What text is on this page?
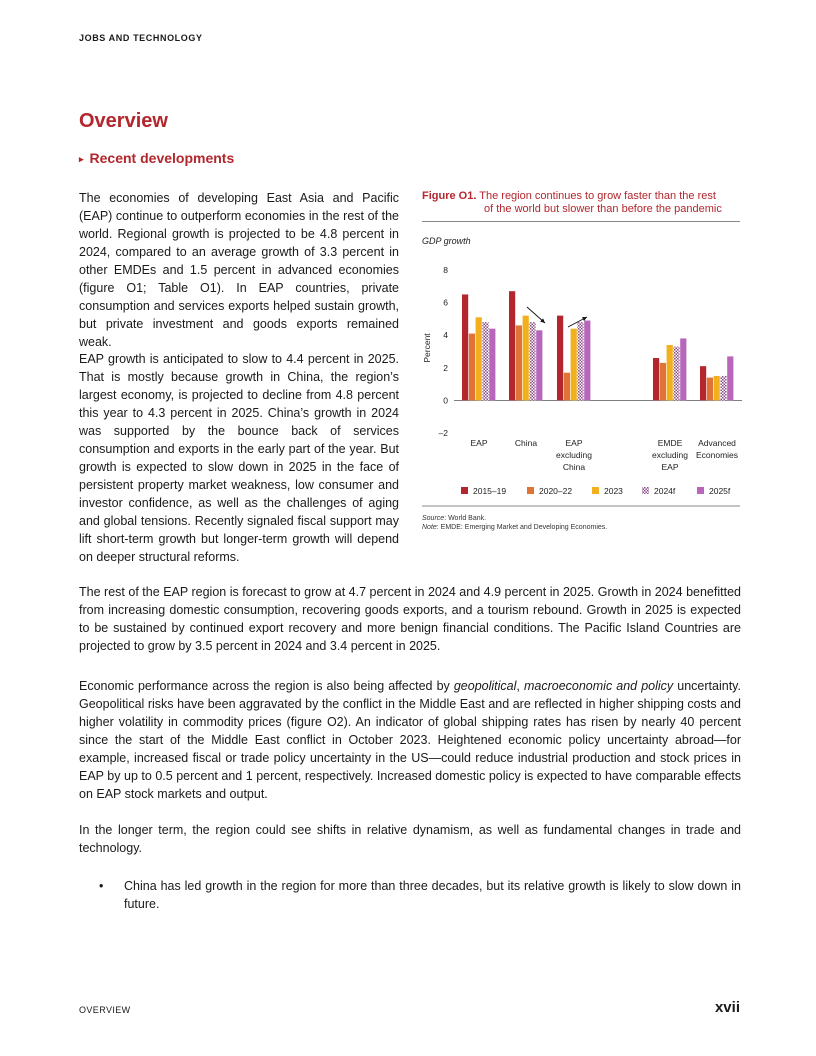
JOBS AND TECHNOLOGY
Overview
▸ Recent developments

The economies of developing East Asia and Pacific (EAP) continue to outperform economies in the rest of the world. Regional growth is projected to be 4.8 percent in 2024, compared to an average growth of 3.3 percent in other EMDEs and 1.5 percent in advanced economies (figure O1; Table O1). In EAP countries, private consumption and services exports helped sustain growth, but private investment and goods exports remained weak.

EAP growth is anticipated to slow to 4.4 percent in 2025. That is mostly because growth in China, the region’s largest economy, is projected to decline from 4.8 percent this year to 4.3 percent in 2025. China’s growth in 2024 was supported by the bounce back of services consumption and exports in the early part of the year. But growth is expected to slow down in 2025 in the face of persistent property market weakness, low consumer and investor confidence, as well as the challenges of aging and global tensions. Recently signaled fiscal support may lift short-term growth but longer-term growth will depend on deeper structural reforms.

Figure O1. The region continues to grow faster than the rest
of the world but slower than before the pandemic
GDP growth
Percent
8
6
4
2
0
–2
EAP	China	EAP
excluding
China
EMDE
excluding
EAP
Advanced
Economies
2015–19	2020–22	2023	2024f	2025f
Source: World Bank.
Note: EMDE: Emerging Market and Developing Economies.

The rest of the EAP region is forecast to grow at 4.7 percent in 2024 and 4.9 percent in 2025. Growth in 2024 benefitted from increasing domestic consumption, recovering goods exports, and a tourism rebound. Growth in 2025 is expected to be sustained by continued export recovery and more benign financial conditions. The Pacific Island Countries are projected to grow by 3.5 percent in 2024 and 3.4 percent in 2025.

Economic performance across the region is also being affected by geopolitical, macroeconomic and policy uncertainty. Geopolitical risks have been aggravated by the conflict in the Middle East and are reflected in higher shipping costs and higher volatility in commodity prices (figure O2). An indicator of global shipping rates has risen by nearly 40 percent since the start of the Middle East conflict in October 2023. Heightened economic policy uncertainty abroad—for example, increased fiscal or trade policy uncertainty in the US—could reduce industrial production and stock prices in EAP by up to 0.5 percent and 1 percent, respectively. Increased domestic policy is expected to have comparable effects on EAP stock markets and output.

In the longer term, the region could see shifts in relative dynamism, as well as fundamental changes in trade and technology.

• China has led growth in the region for more than three decades, but its relative growth is likely to slow down in future.
OVERVIEW	xvii
